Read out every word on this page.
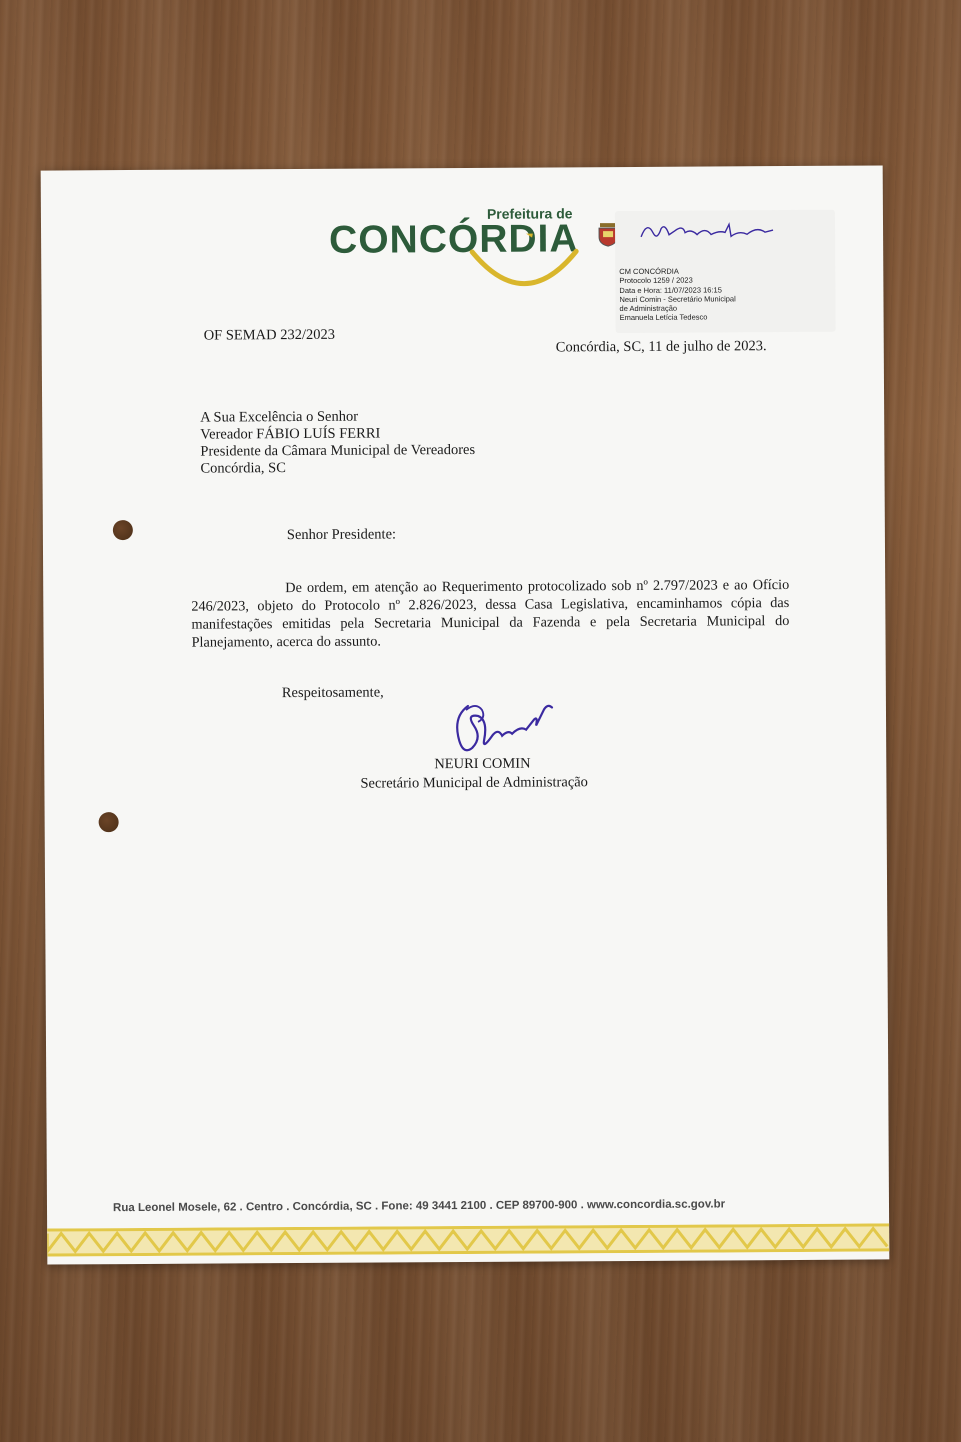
Prefeitura de
CONCÓRDIA
CM CONCÓRDIA
Protocolo 1259 / 2023
Data e Hora: 11/07/2023 16:15
Neuri Comin - Secretário Municipal
de Administração
Emanuela Letícia Tedesco
OF SEMAD 232/2023
Concórdia, SC, 11 de julho de 2023.
A Sua Excelência o Senhor
Vereador FÁBIO LUÍS FERRI
Presidente da Câmara Municipal de Vereadores
Concórdia, SC
Senhor Presidente:

De ordem, em atenção ao Requerimento protocolizado sob nº 2.797/2023 e ao Ofício 246/2023, objeto do Protocolo nº 2.826/2023, dessa Casa Legislativa, encaminhamos cópia das manifestações emitidas pela Secretaria Municipal da Fazenda e pela Secretaria Municipal do Planejamento, acerca do assunto.

Respeitosamente,
NEURI COMIN
Secretário Municipal de Administração
Rua Leonel Mosele, 62 . Centro . Concórdia, SC . Fone: 49 3441 2100 . CEP 89700-900 . www.concordia.sc.gov.br
